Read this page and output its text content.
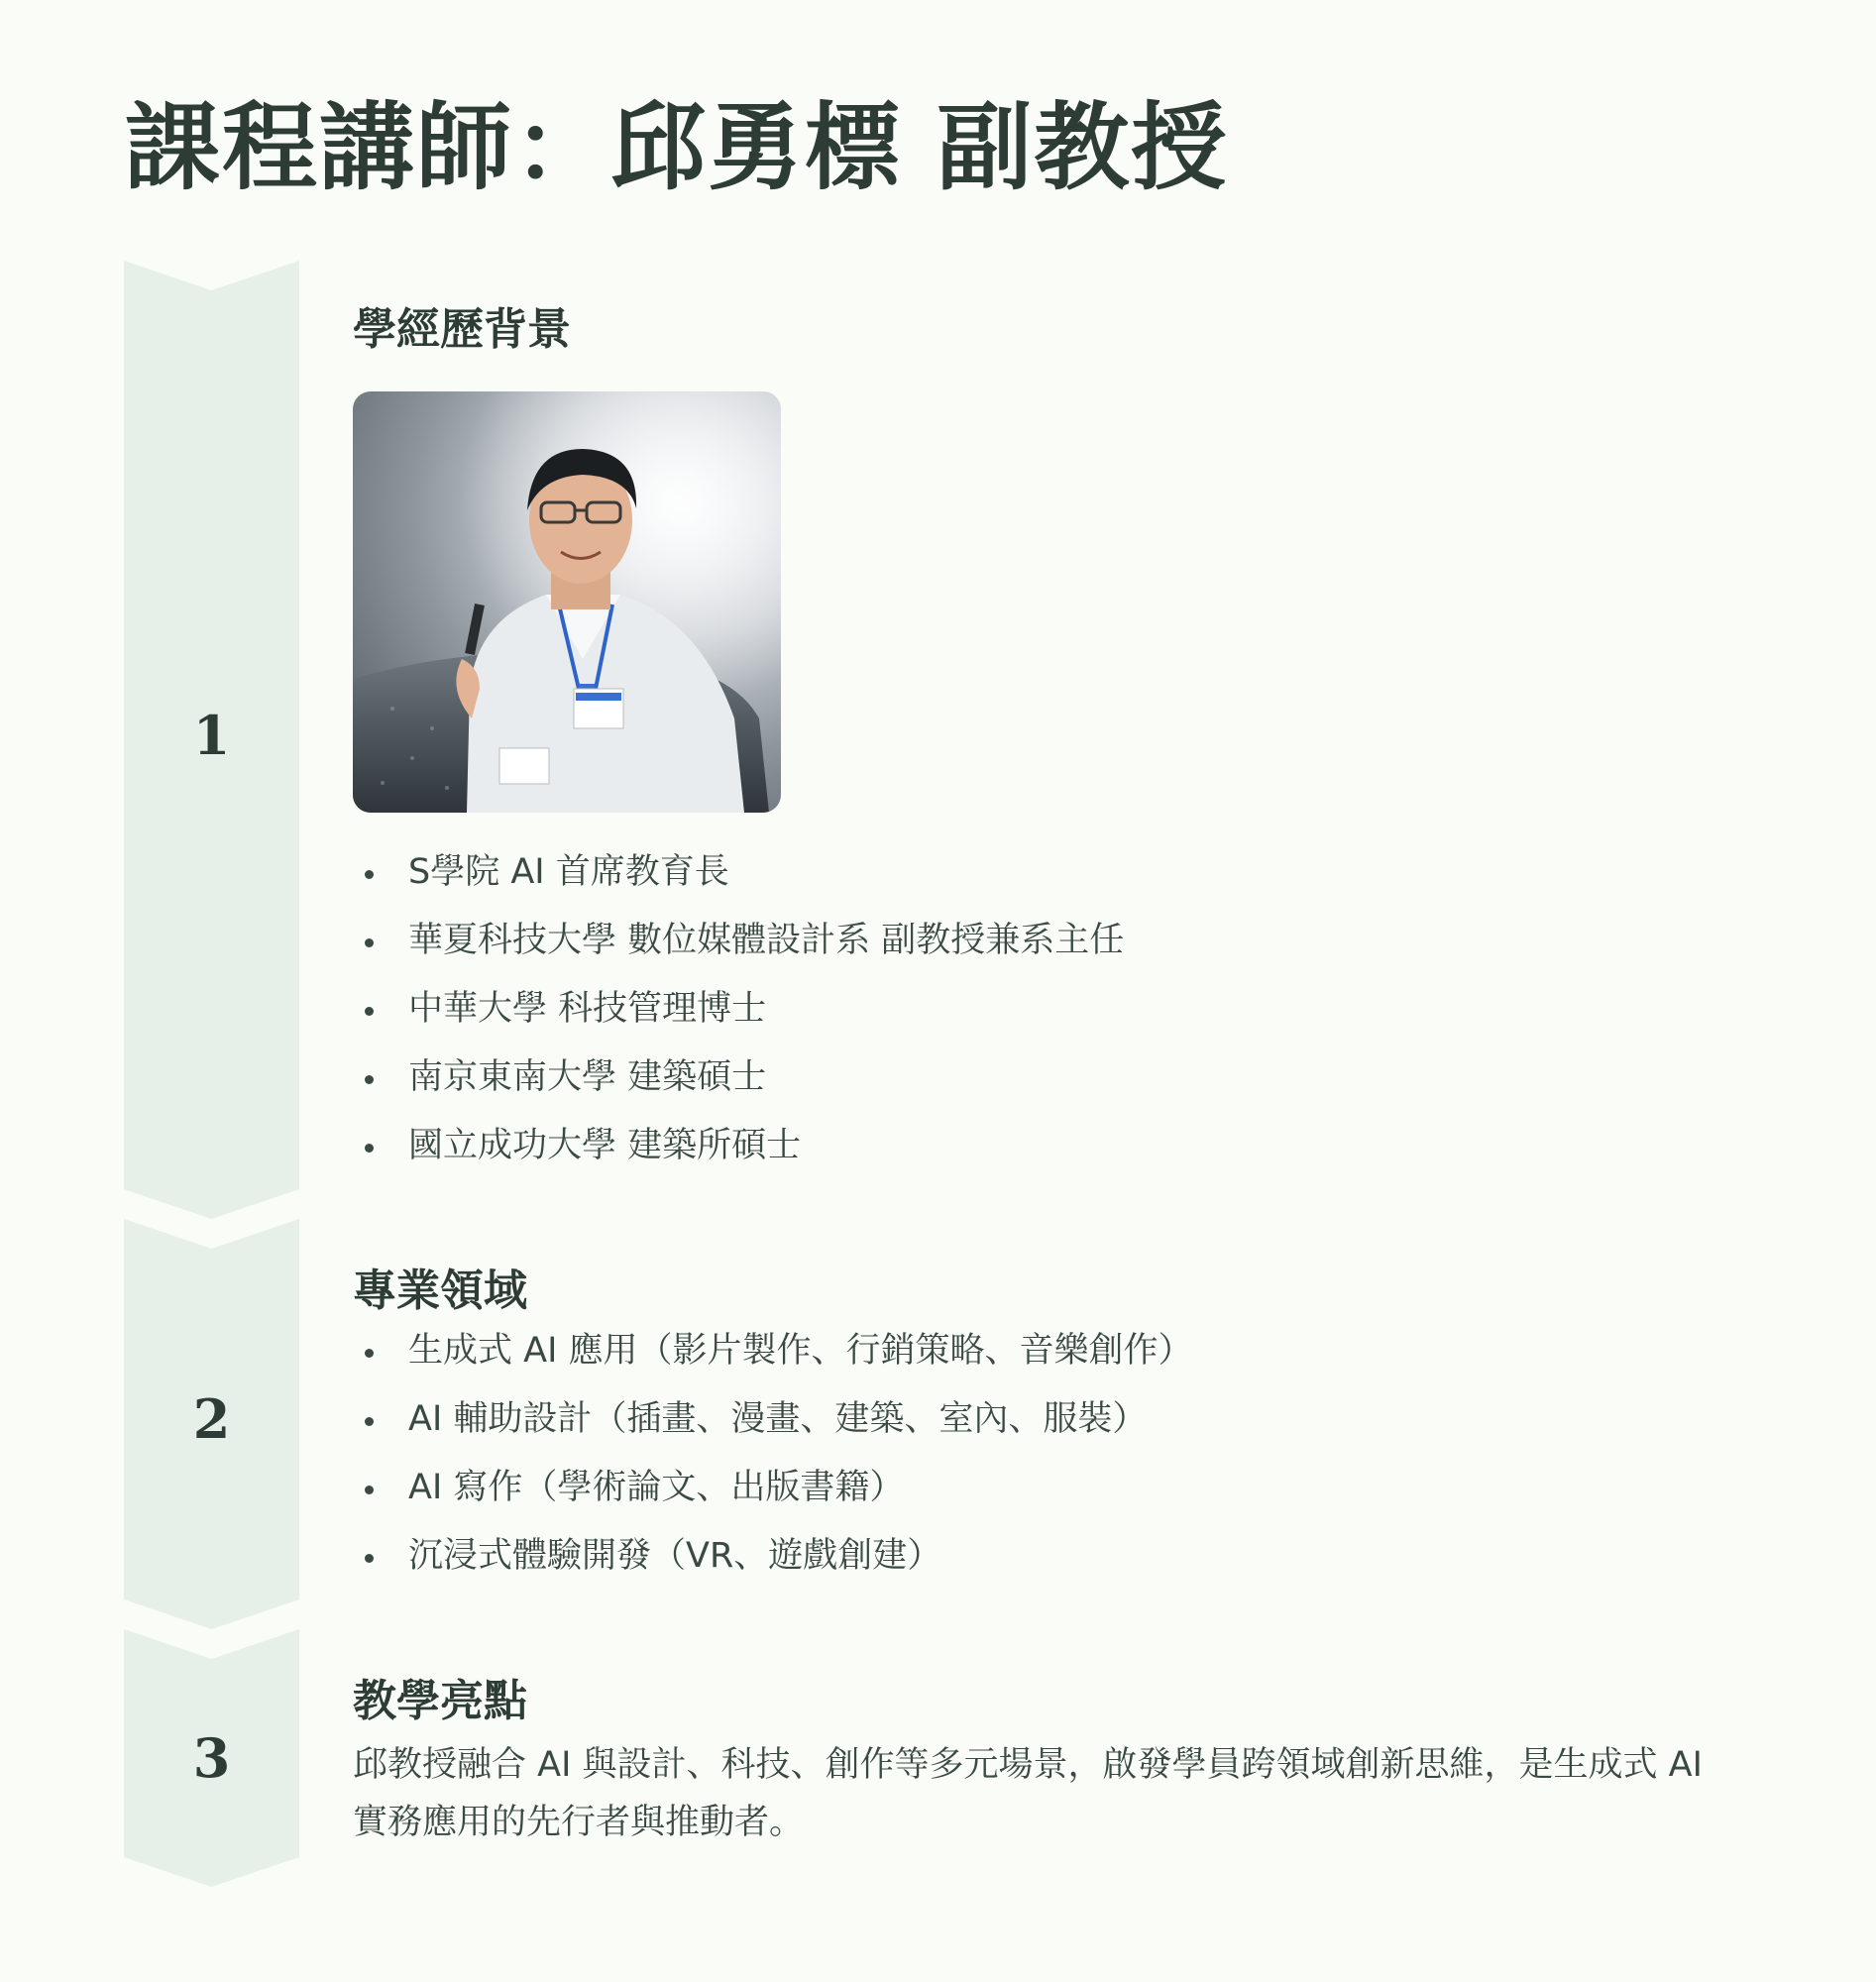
課程講師：邱勇標 副教授
1
學經歷背景
S學院 AI 首席教育長
華夏科技大學 數位媒體設計系 副教授兼系主任
中華大學 科技管理博士
南京東南大學 建築碩士
國立成功大學 建築所碩士
2
專業領域
生成式 AI 應用（影片製作、行銷策略、音樂創作）
AI 輔助設計（插畫、漫畫、建築、室內、服裝）
AI 寫作（學術論文、出版書籍）
沉浸式體驗開發（VR、遊戲創建）
3
教學亮點

邱教授融合 AI 與設計、科技、創作等多元場景，啟發學員跨領域創新思維，是生成式 AI 實務應用的先行者與推動者。
